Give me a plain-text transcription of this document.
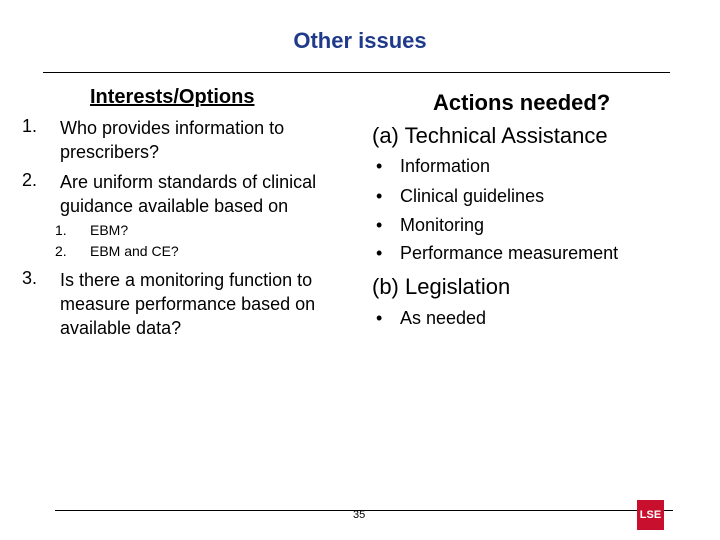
Other issues
Interests/Options	Actions needed?
1. Who provides information to
prescribers?
2. Are uniform standards of clinical
guidance available based on
1. EBM?
2. EBM and CE?
3. Is there a monitoring function to
measure performance based on
available data?
(a) Technical Assistance
• Information
• Clinical guidelines
• Monitoring
• Performance measurement
(b) Legislation
• As needed
35	LSE
